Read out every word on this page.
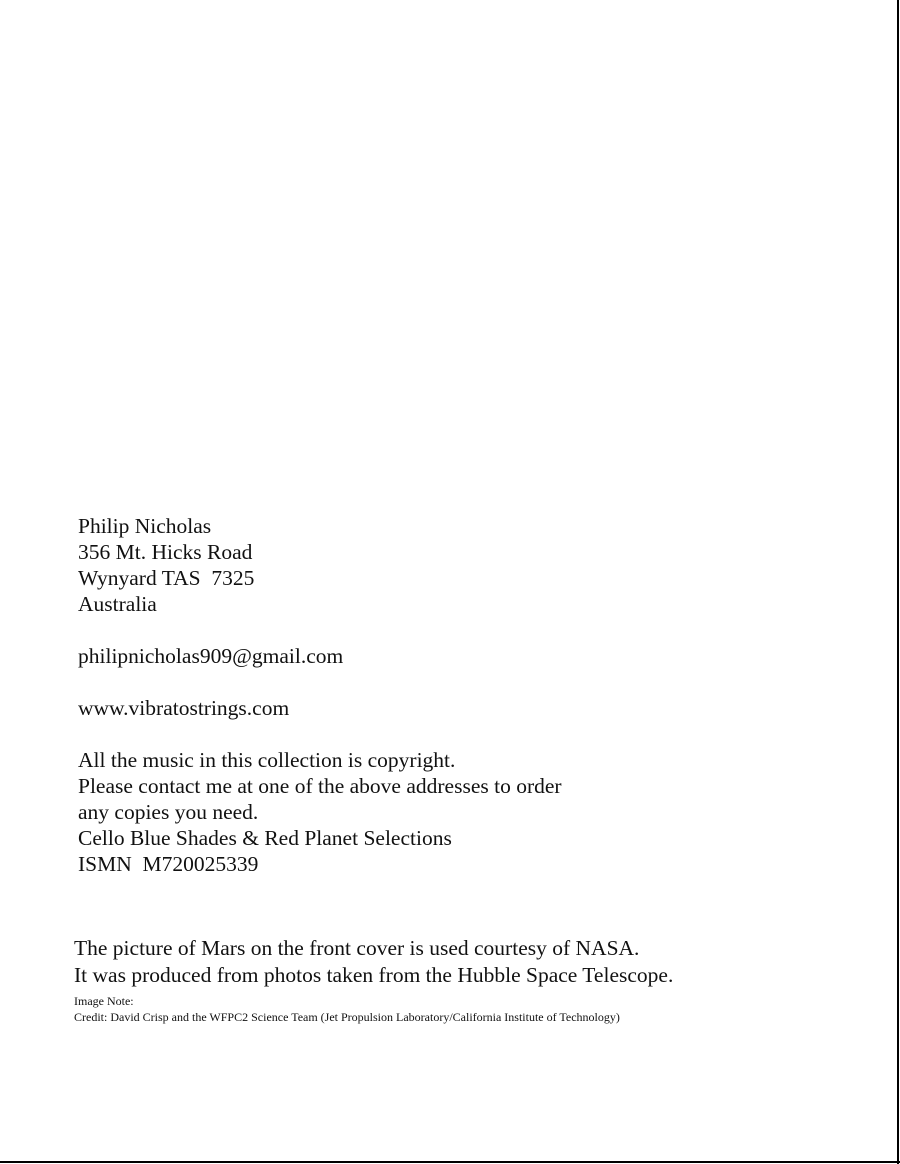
Philip Nicholas
356 Mt. Hicks Road
Wynyard TAS  7325
Australia
philipnicholas909@gmail.com
www.vibratostrings.com
All the music in this collection is copyright.
Please contact me at one of the above addresses to order
any copies you need.
Cello Blue Shades & Red Planet Selections
ISMN  M720025339
The picture of Mars on the front cover is used courtesy of NASA.
It was produced from photos taken from the Hubble Space Telescope.
Image Note:
Credit: David Crisp and the WFPC2 Science Team (Jet Propulsion Laboratory/California Institute of Technology)
